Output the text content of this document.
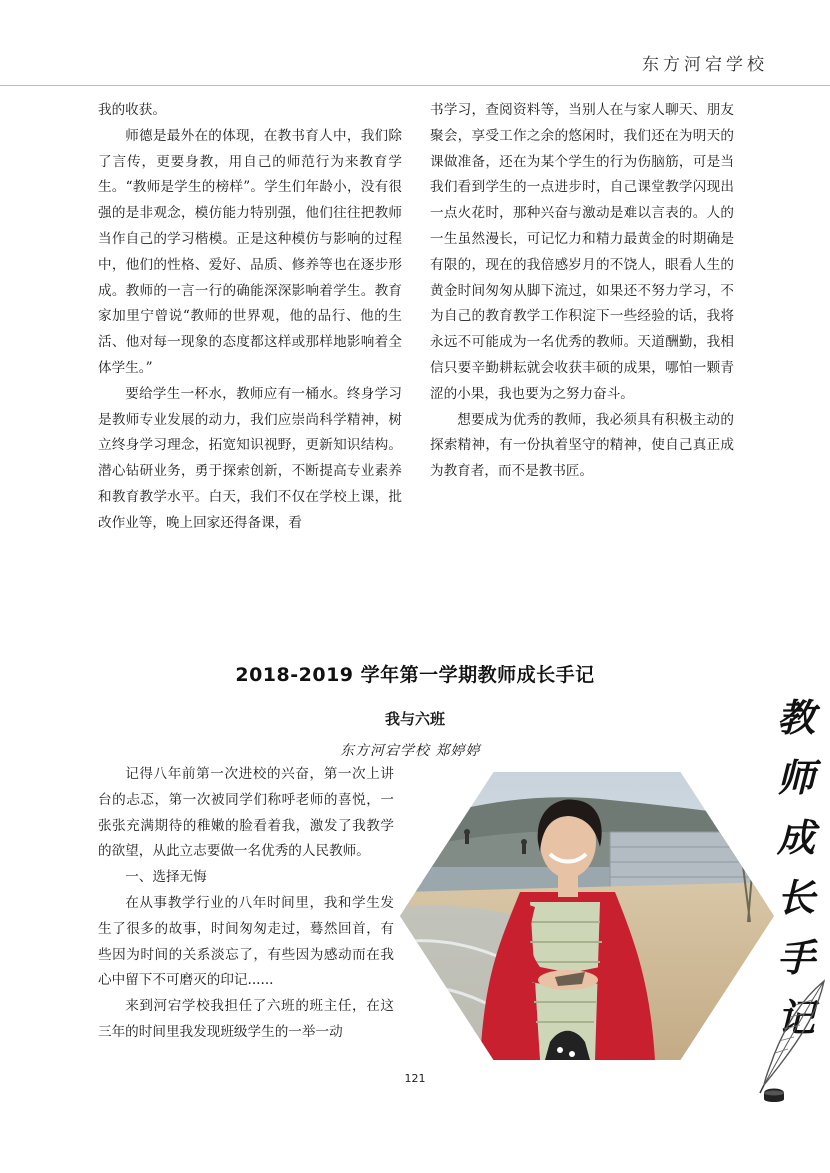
东方河宕学校

我的收获。

师德是最外在的体现，在教书育人中，我们除了言传，更要身教，用自己的师范行为来教育学生。“教师是学生的榜样”。学生们年龄小，没有很强的是非观念，模仿能力特别强，他们往往把教师当作自己的学习楷模。正是这种模仿与影响的过程中，他们的性格、爱好、品质、修养等也在逐步形成。教师的一言一行的确能深深影响着学生。教育家加里宁曾说“教师的世界观，他的品行、他的生活、他对每一现象的态度都这样或那样地影响着全体学生。”

要给学生一杯水，教师应有一桶水。终身学习是教师专业发展的动力，我们应崇尚科学精神，树立终身学习理念，拓宽知识视野，更新知识结构。潜心钻研业务，勇于探索创新，不断提高专业素养和教育教学水平。白天，我们不仅在学校上课，批改作业等，晚上回家还得备课，看

书学习，查阅资料等，当别人在与家人聊天、朋友聚会，享受工作之余的悠闲时，我们还在为明天的课做准备，还在为某个学生的行为伤脑筋，可是当我们看到学生的一点进步时，自己课堂教学闪现出一点火花时，那种兴奋与激动是难以言表的。人的一生虽然漫长，可记忆力和精力最黄金的时期确是有限的，现在的我倍感岁月的不饶人，眼看人生的黄金时间匆匆从脚下流过，如果还不努力学习，不为自己的教育教学工作积淀下一些经验的话，我将永远不可能成为一名优秀的教师。天道酬勤，我相信只要辛勤耕耘就会收获丰硕的成果，哪怕一颗青涩的小果，我也要为之努力奋斗。

想要成为优秀的教师，我必须具有积极主动的探索精神，有一份执着坚守的精神，使自己真正成为教育者，而不是教书匠。

2018-2019 学年第一学期教师成长手记
我与六班
东方河宕学校 郑婷婷

记得八年前第一次进校的兴奋，第一次上讲台的忐忑，第一次被同学们称呼老师的喜悦，一张张充满期待的稚嫩的脸看着我，激发了我教学的欲望，从此立志要做一名优秀的人民教师。

一、选择无悔

在从事教学行业的八年时间里，我和学生发生了很多的故事，时间匆匆走过，蓦然回首，有些因为时间的关系淡忘了，有些因为感动而在我心中留下不可磨灭的印记......

来到河宕学校我担任了六班的班主任，在这三年的时间里我发现班级学生的一举一动

教
师
成
长
手
记
121
